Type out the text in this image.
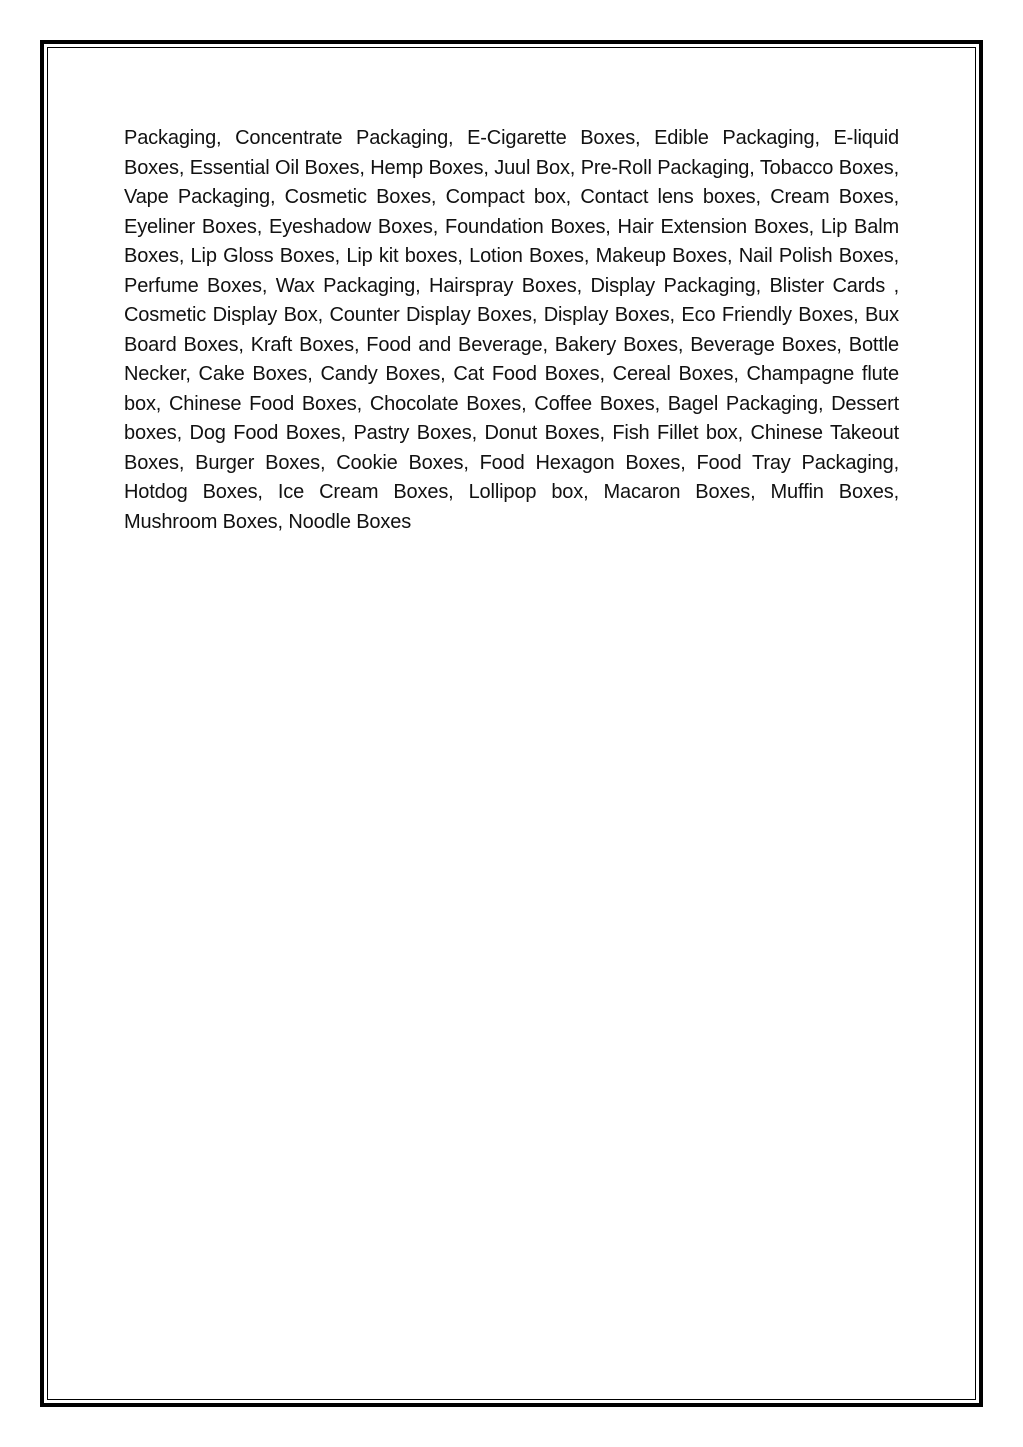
Packaging, Concentrate Packaging, E-Cigarette Boxes, Edible Packaging, E-liquid Boxes, Essential Oil Boxes, Hemp Boxes, Juul Box, Pre-Roll Packaging, Tobacco Boxes, Vape Packaging, Cosmetic Boxes, Compact box, Contact lens boxes, Cream Boxes, Eyeliner Boxes, Eyeshadow Boxes, Foundation Boxes, Hair Extension Boxes, Lip Balm Boxes, Lip Gloss Boxes, Lip kit boxes, Lotion Boxes, Makeup Boxes, Nail Polish Boxes, Perfume Boxes, Wax Packaging, Hairspray Boxes, Display Packaging, Blister Cards , Cosmetic Display Box, Counter Display Boxes, Display Boxes, Eco Friendly Boxes, Bux Board Boxes, Kraft Boxes, Food and Beverage, Bakery Boxes, Beverage Boxes, Bottle Necker, Cake Boxes, Candy Boxes, Cat Food Boxes, Cereal Boxes, Champagne flute box, Chinese Food Boxes, Chocolate Boxes, Coffee Boxes, Bagel Packaging, Dessert boxes, Dog Food Boxes, Pastry Boxes, Donut Boxes, Fish Fillet box, Chinese Takeout Boxes, Burger Boxes, Cookie Boxes, Food Hexagon Boxes, Food Tray Packaging, Hotdog Boxes, Ice Cream Boxes, Lollipop box, Macaron Boxes, Muffin Boxes, Mushroom Boxes, Noodle Boxes
